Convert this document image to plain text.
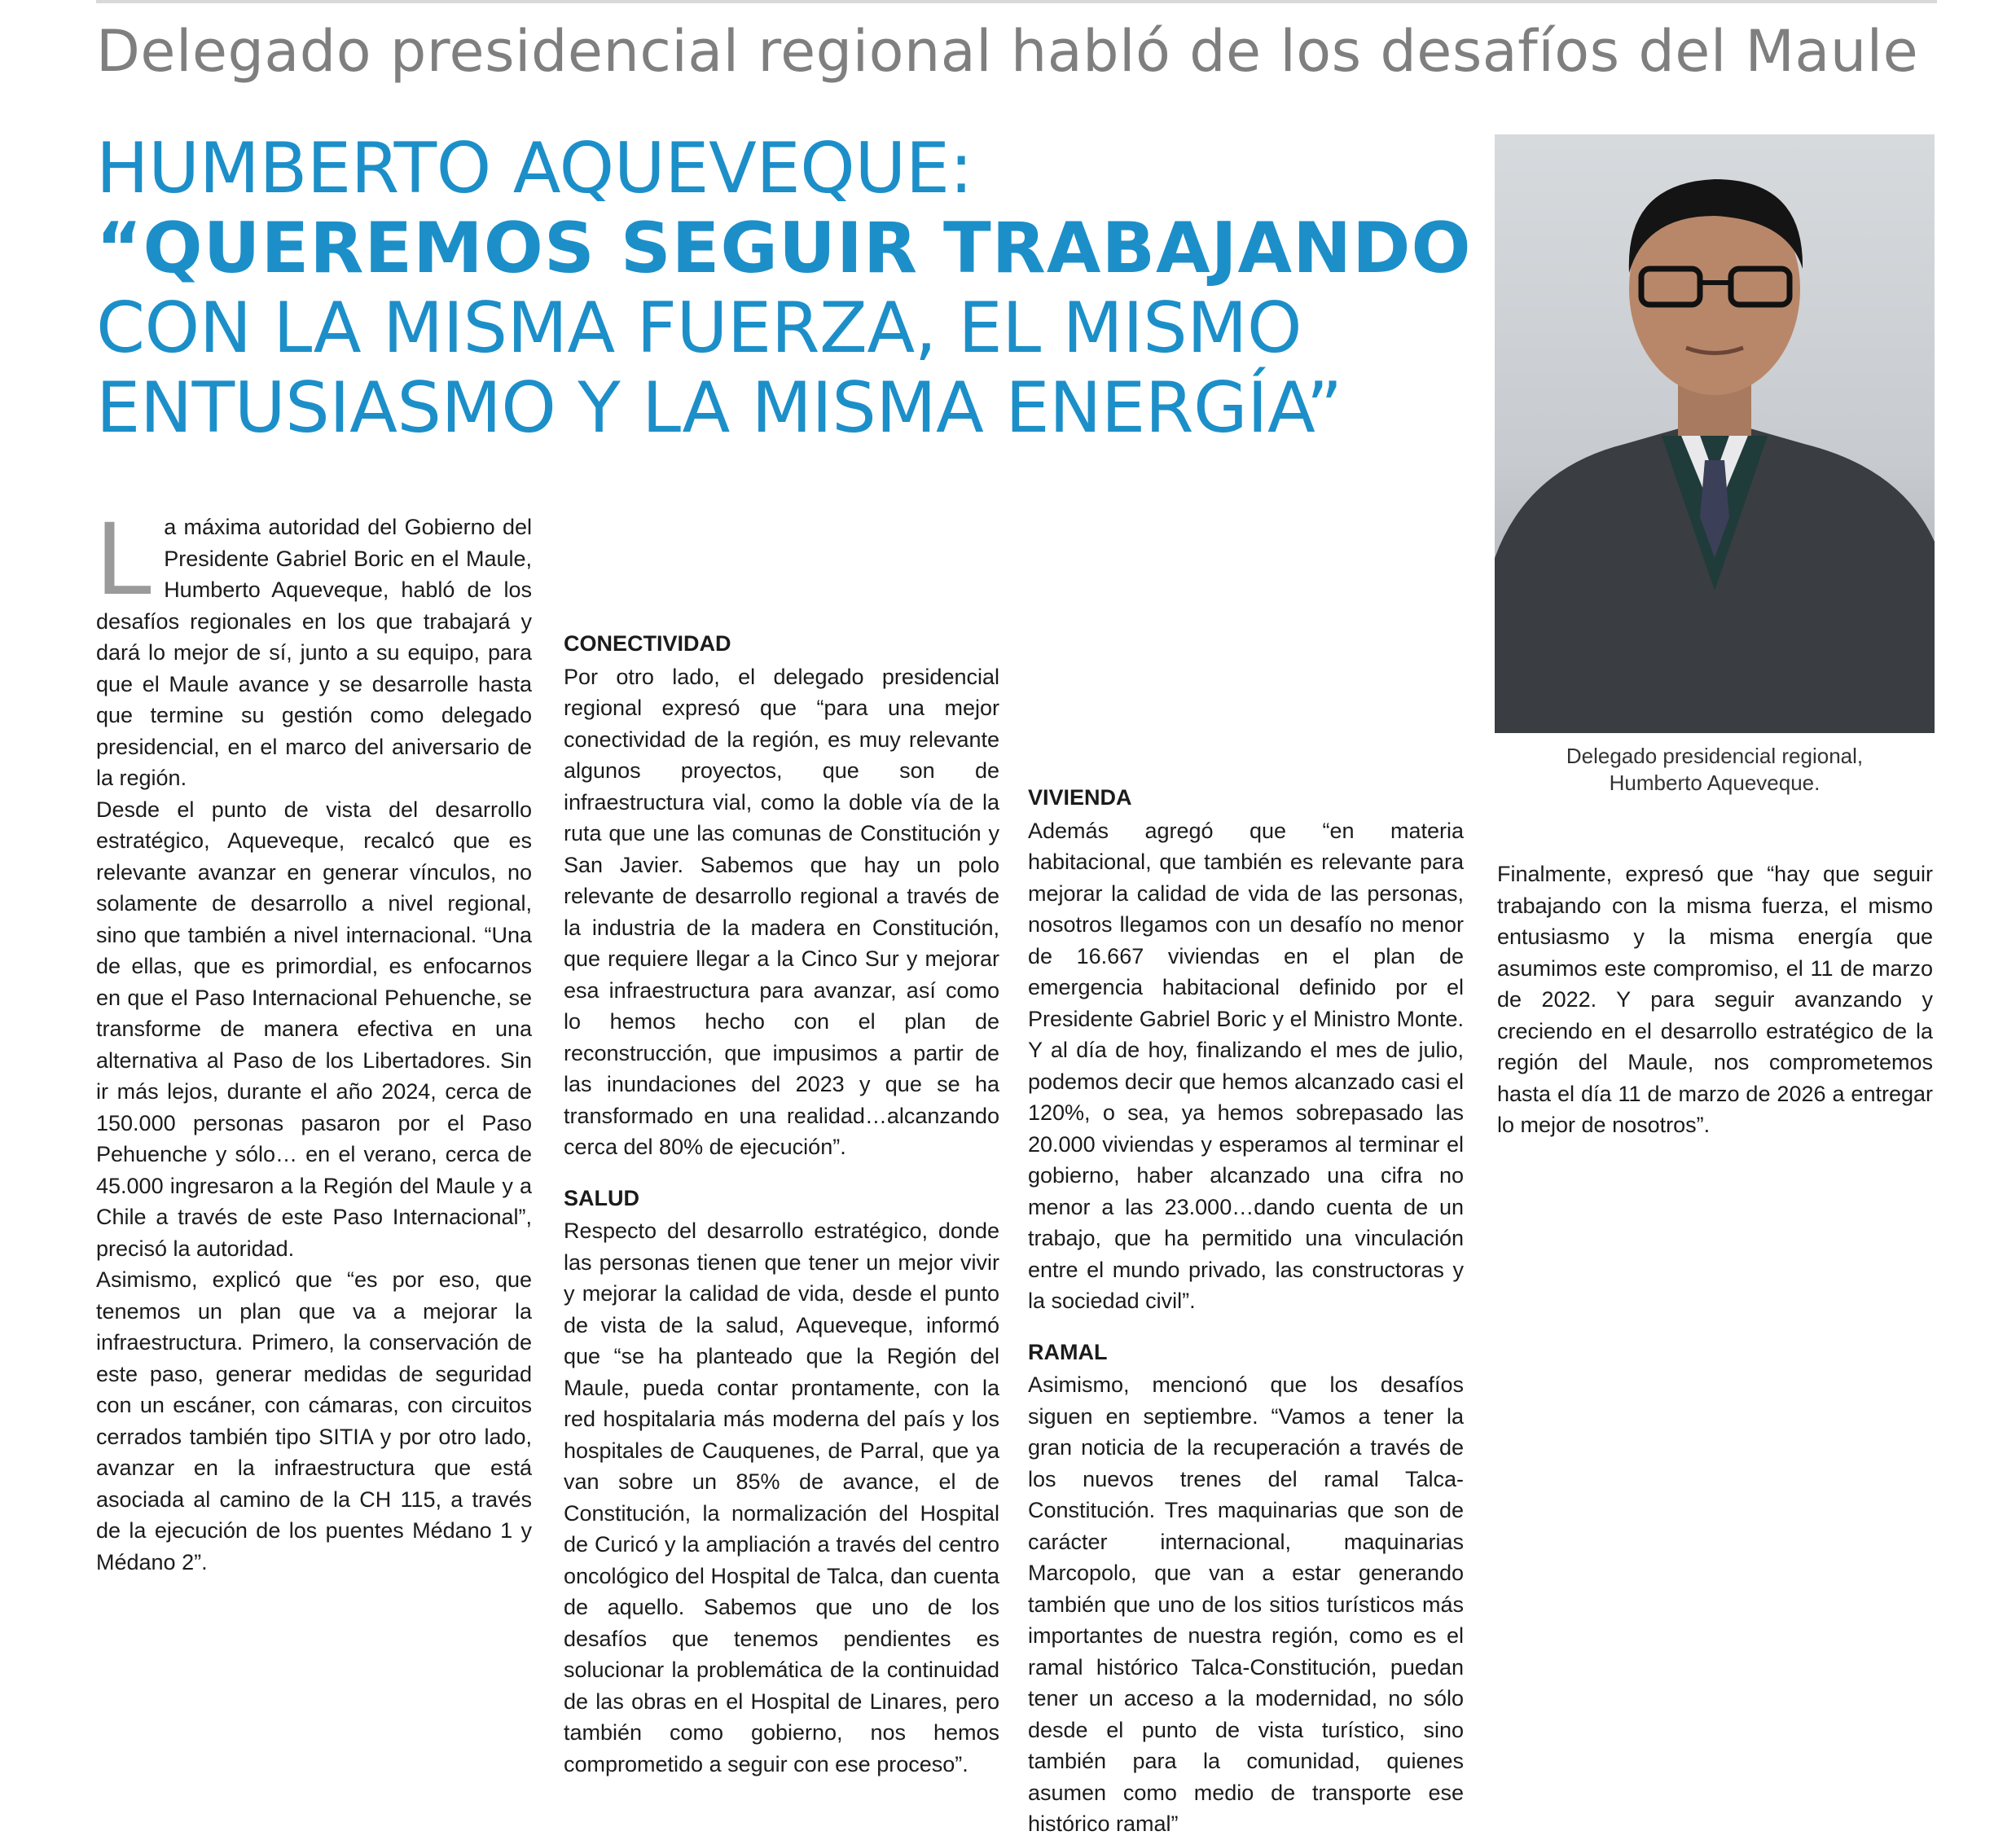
Delegado presidencial regional habló de los desafíos del Maule
HUMBERTO AQUEVEQUE:
“QUEREMOS SEGUIR TRABAJANDO
CON LA MISMA FUERZA, EL MISMO
ENTUSIASMO Y LA MISMA ENERGÍA”

Delegado presidencial regional,
Humberto Aqueveque.

La máxima autoridad del Gobierno del Presidente Gabriel Boric en el Maule, Humberto Aqueveque, habló de los desafíos regionales en los que trabajará y dará lo mejor de sí, junto a su equipo, para que el Maule avance y se desarrolle hasta que termine su gestión como delegado presidencial, en el marco del aniversario de la región.

Desde el punto de vista del desarrollo estratégico, Aqueveque, recalcó que es relevante avanzar en generar vínculos, no solamente de desarrollo a nivel regional, sino que también a nivel internacional. “Una de ellas, que es primordial, es enfocarnos en que el Paso Internacional Pehuenche, se transforme de manera efectiva en una alternativa al Paso de los Libertadores. Sin ir más lejos, durante el año 2024, cerca de 150.000 personas pasaron por el Paso Pehuenche y sólo… en el verano, cerca de 45.000 ingresaron a la Región del Maule y a Chile a través de este Paso Internacional”, precisó la autoridad.

Asimismo, explicó que “es por eso, que tenemos un plan que va a mejorar la infraestructura. Primero, la conservación de este paso, generar medidas de seguridad con un escáner, con cámaras, con circuitos cerrados también tipo SITIA y por otro lado, avanzar en la infraestructura que está asociada al camino de la CH 115, a través de la ejecución de los puentes Médano 1 y Médano 2”.

CONECTIVIDAD

Por otro lado, el delegado presidencial regional expresó que “para una mejor conectividad de la región, es muy relevante algunos proyectos, que son de infraestructura vial, como la doble vía de la ruta que une las comunas de Constitución y San Javier. Sabemos que hay un polo relevante de desarrollo regional a través de la industria de la madera en Constitución, que requiere llegar a la Cinco Sur y mejorar esa infraestructura para avanzar, así como lo hemos hecho con el plan de reconstrucción, que impusimos a partir de las inundaciones del 2023 y que se ha transformado en una realidad…alcanzando cerca del 80% de ejecución”.

SALUD

Respecto del desarrollo estratégico, donde las personas tienen que tener un mejor vivir y mejorar la calidad de vida, desde el punto de vista de la salud, Aqueveque, informó que “se ha planteado que la Región del Maule, pueda contar prontamente, con la red hospitalaria más moderna del país y los hospitales de Cauquenes, de Parral, que ya van sobre un 85% de avance, el de Constitución, la normalización del Hospital de Curicó y la ampliación a través del centro oncológico del Hospital de Talca, dan cuenta de aquello. Sabemos que uno de los desafíos que tenemos pendientes es solucionar la problemática de la continuidad de las obras en el Hospital de Linares, pero también como gobierno, nos hemos comprometido a seguir con ese proceso”.

VIVIENDA

Además agregó que “en materia habitacional, que también es relevante para mejorar la calidad de vida de las personas, nosotros llegamos con un desafío no menor de 16.667 viviendas en el plan de emergencia habitacional definido por el Presidente Gabriel Boric y el Ministro Monte. Y al día de hoy, finalizando el mes de julio, podemos decir que hemos alcanzado casi el 120%, o sea, ya hemos sobrepasado las 20.000 viviendas y esperamos al terminar el gobierno, haber alcanzado una cifra no menor a las 23.000…dando cuenta de un trabajo, que ha permitido una vinculación entre el mundo privado, las constructoras y la sociedad civil”.

RAMAL

Asimismo, mencionó que los desafíos siguen en septiembre. “Vamos a tener la gran noticia de la recuperación a través de los nuevos trenes del ramal Talca-Constitución. Tres maquinarias que son de carácter internacional, maquinarias Marcopolo, que van a estar generando también que uno de los sitios turísticos más importantes de nuestra región, como es el ramal histórico Talca-Constitución, puedan tener un acceso a la modernidad, no sólo desde el punto de vista turístico, sino también para la comunidad, quienes asumen como medio de transporte ese histórico ramal”

Finalmente, expresó que “hay que seguir trabajando con la misma fuerza, el mismo entusiasmo y la misma energía que asumimos este compromiso, el 11 de marzo de 2022. Y para seguir avanzando y creciendo en el desarrollo estratégico de la región del Maule, nos comprometemos hasta el día 11 de marzo de 2026 a entregar lo mejor de nosotros”.
